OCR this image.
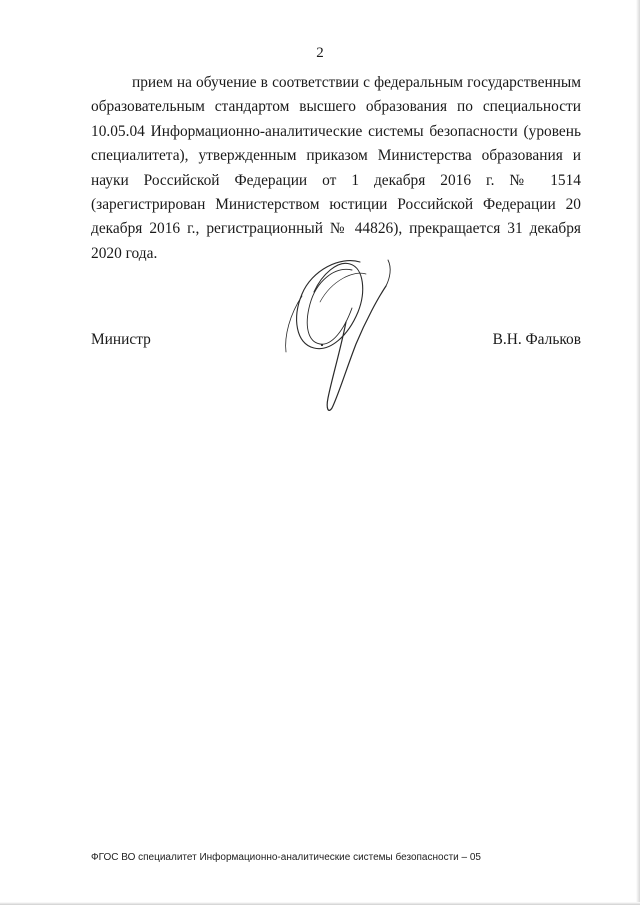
2

прием на обучение в соответствии с федеральным государственным образовательным стандартом высшего образования по специальности 10.05.04 Информационно-аналитические системы безопасности (уровень специалитета), утвержденным приказом Министерства образования и науки Российской Федерации от 1 декабря 2016 г. № 1514 (зарегистрирован Министерством юстиции Российской Федерации 20 декабря 2016 г., регистрационный № 44826), прекращается 31 декабря 2020 года.

Министр	В.Н. Фальков
ФГОС ВО специалитет Информационно-аналитические системы безопасности – 05
